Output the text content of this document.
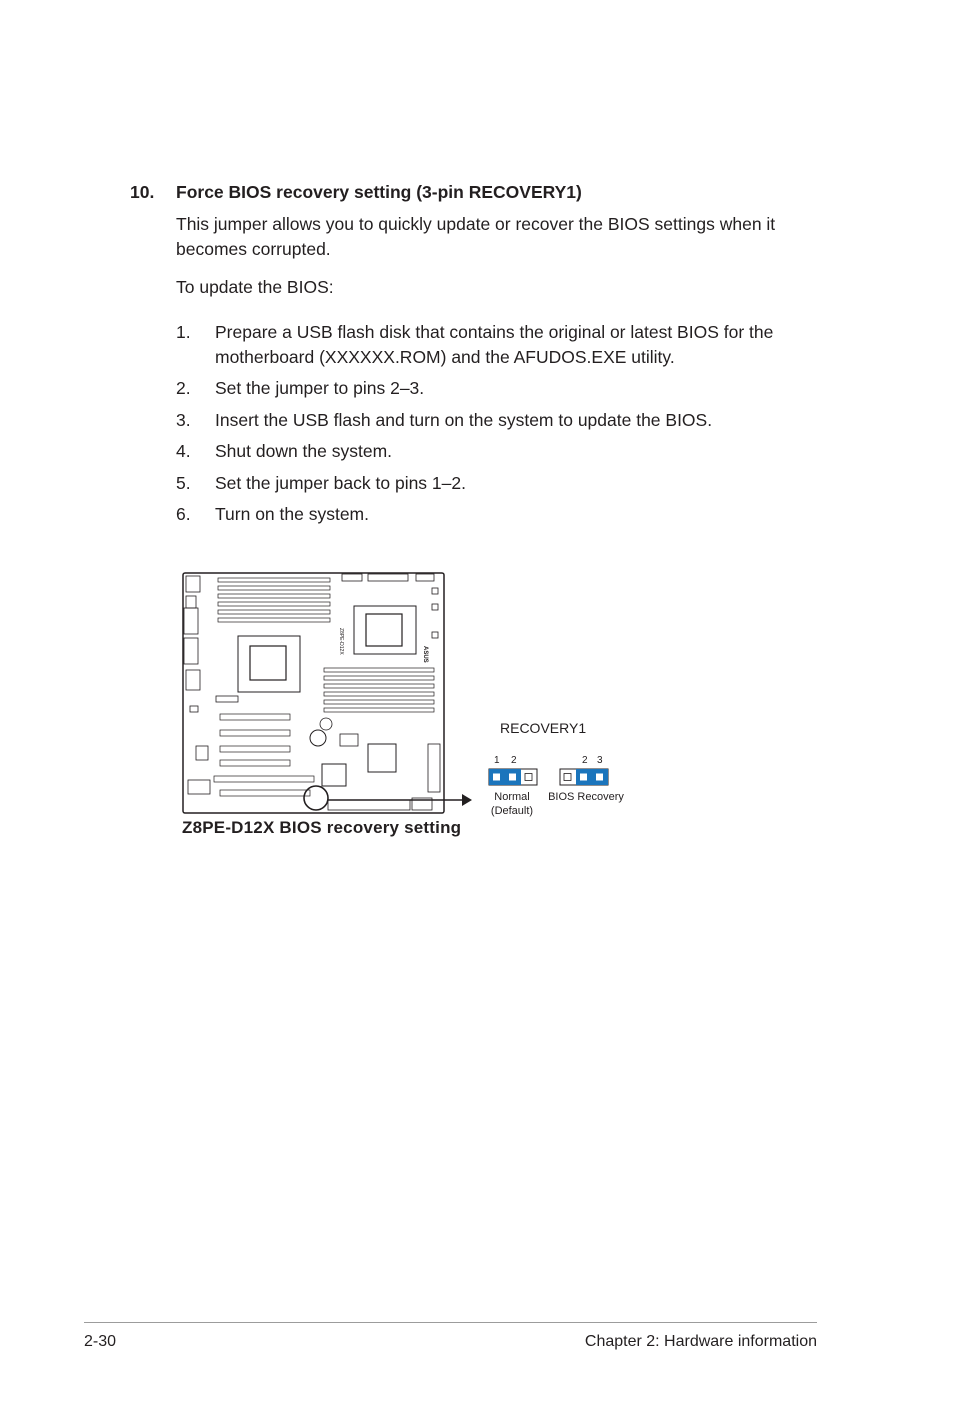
10. Force BIOS recovery setting (3-pin RECOVERY1)
This jumper allows you to quickly update or recover the BIOS settings when it becomes corrupted.
To update the BIOS:
1. Prepare a USB flash disk that contains the original or latest BIOS for the motherboard (XXXXXX.ROM) and the AFUDOS.EXE utility.
2. Set the jumper to pins 2–3.
3. Insert the USB flash and turn on the system to update the BIOS.
4. Shut down the system.
5. Set the jumper back to pins 1–2.
6. Turn on the system.
Z8PE-D12X	ASUS
RECOVERY1
1 2
Normal
(Default)
2 3
BIOS Recovery
Z8PE-D12X BIOS recovery setting
2-30	Chapter 2: Hardware information
